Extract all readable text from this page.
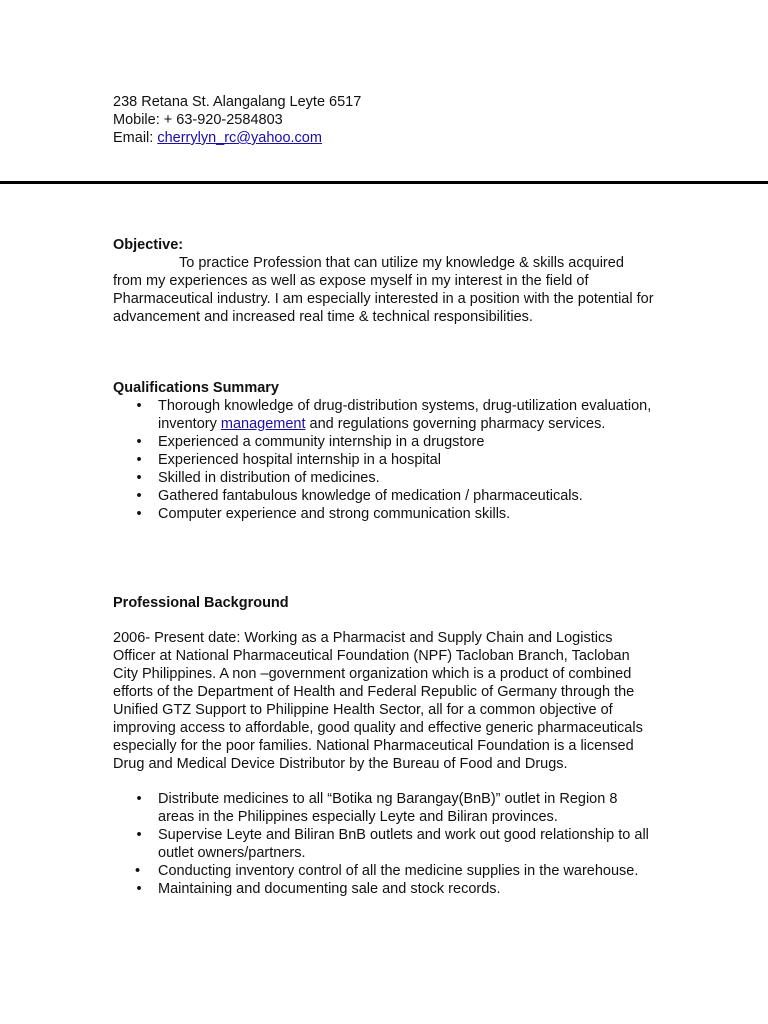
238 Retana St. Alangalang Leyte 6517
Mobile: + 63-920-2584803
Email: cherrylyn_rc@yahoo.com
Objective:
To practice Profession that can utilize my knowledge & skills acquired from my experiences as well as expose myself in my interest in the field of Pharmaceutical industry. I am especially interested in a position with the potential for advancement and increased real time & technical responsibilities.
Qualifications Summary
• Thorough knowledge of drug-distribution systems, drug-utilization evaluation, inventory management and regulations governing pharmacy services.
• Experienced a community internship in a drugstore
• Experienced hospital internship in a hospital
• Skilled in distribution of medicines.
• Gathered fantabulous knowledge of medication / pharmaceuticals.
• Computer experience and strong communication skills.
Professional Background
2006- Present date: Working as a Pharmacist and Supply Chain and Logistics Officer at National Pharmaceutical Foundation (NPF) Tacloban Branch, Tacloban City Philippines. A non –government organization which is a product of combined efforts of the Department of Health and Federal Republic of Germany through the Unified GTZ Support to Philippine Health Sector, all for a common objective of improving access to affordable, good quality and effective generic pharmaceuticals especially for the poor families. National Pharmaceutical Foundation is a licensed Drug and Medical Device Distributor by the Bureau of Food and Drugs.
• Distribute medicines to all “Botika ng Barangay(BnB)” outlet in Region 8 areas in the Philippines especially Leyte and Biliran provinces.
• Supervise Leyte and Biliran BnB outlets and work out good relationship to all outlet owners/partners.
• Conducting inventory control of all the medicine supplies in the warehouse.
• Maintaining and documenting sale and stock records.
